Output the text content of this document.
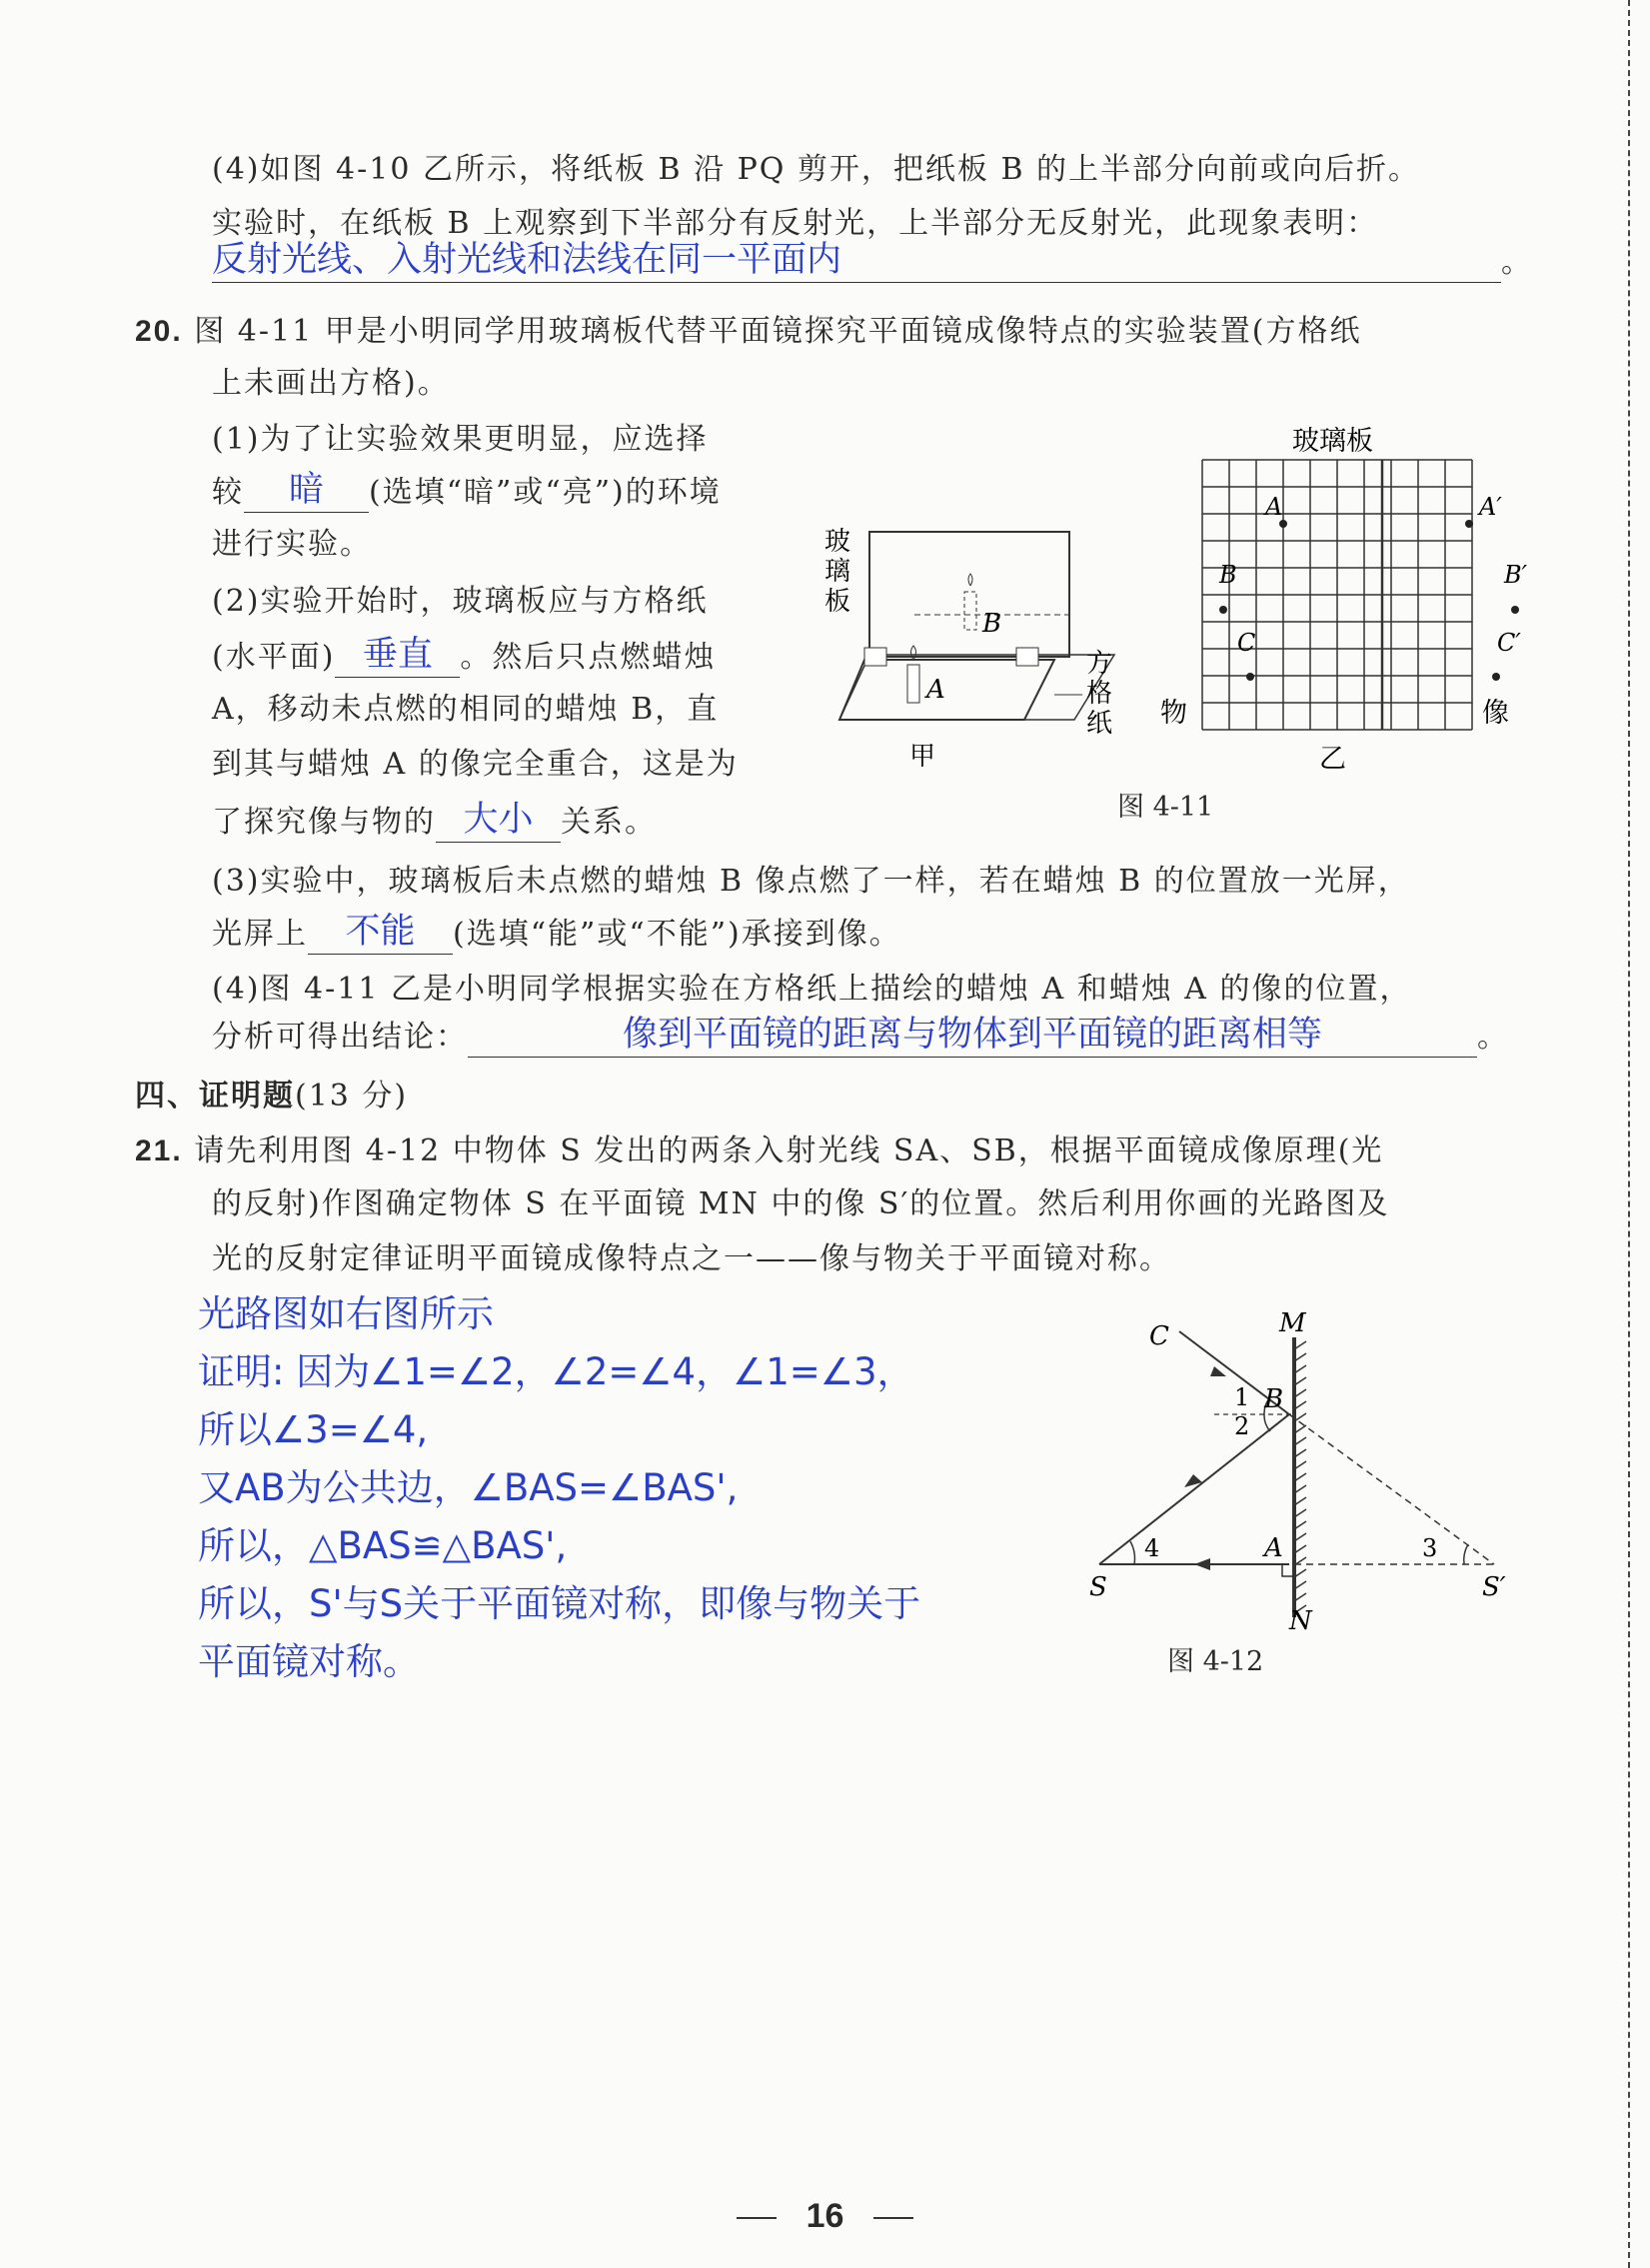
(4)如图 4-10 乙所示，将纸板 B 沿 PQ 剪开，把纸板 B 的上半部分向前或向后折。
实验时，在纸板 B 上观察到下半部分有反射光，上半部分无反射光，此现象表明：
反射光线、入射光线和法线在同一平面内	。
20. 图 4-11 甲是小明同学用玻璃板代替平面镜探究平面镜成像特点的实验装置(方格纸
上未画出方格)。
(1)为了让实验效果更明显，应选择
较 暗 (选填“暗”或“亮”)的环境
进行实验。
(2)实验开始时，玻璃板应与方格纸
(水平面) 垂直 。然后只点燃蜡烛
A，移动未点燃的相同的蜡烛 B，直
到其与蜡烛 A 的像完全重合，这是为
了探究像与物的 大小 关系。
A
B
玻
璃
板
方
格
纸
甲
玻璃板
A	A′
B	B′
C	C′
物	像
乙
图 4-11
(3)实验中，玻璃板后未点燃的蜡烛 B 像点燃了一样，若在蜡烛 B 的位置放一光屏，
光屏上 不能 (选填“能”或“不能”)承接到像。
(4)图 4-11 乙是小明同学根据实验在方格纸上描绘的蜡烛 A 和蜡烛 A 的像的位置，
分析可得出结论：	像到平面镜的距离与物体到平面镜的距离相等	。
四、证明题(13 分)
21. 请先利用图 4-12 中物体 S 发出的两条入射光线 SA、SB，根据平面镜成像原理(光
的反射)作图确定物体 S 在平面镜 MN 中的像 S′的位置。然后利用你画的光路图及
光的反射定律证明平面镜成像特点之一——像与物关于平面镜对称。
光路图如右图所示
证明: 因为∠1=∠2，∠2=∠4，∠1=∠3，
所以∠3=∠4,
又AB为公共边，∠BAS=∠BAS',
所以，△BAS≌△BAS',
所以，S'与S关于平面镜对称，即像与物关于
平面镜对称。
C	M
B
1
2
4	A	3
S	S′
N
图 4-12
16
